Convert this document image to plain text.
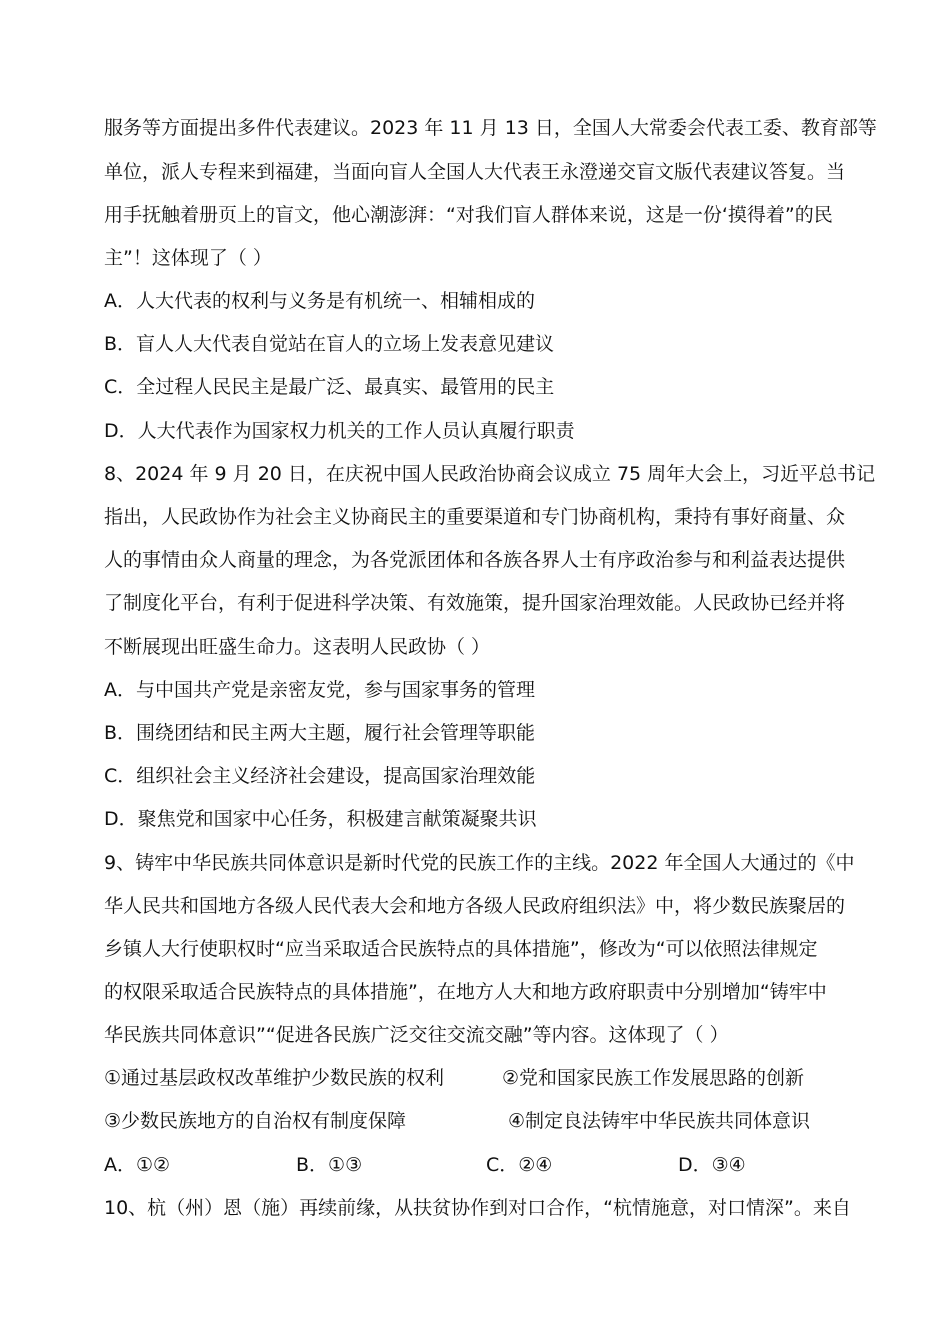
服务等方面提出多件代表建议。2023 年 11 月 13 日，全国人大常委会代表工委、教育部等
单位，派人专程来到福建，当面向盲人全国人大代表王永澄递交盲文版代表建议答复。当
用手抚触着册页上的盲文，他心潮澎湃：“对我们盲人群体来说，这是一份‘摸得着”的民
主”！这体现了（ ）
A．人大代表的权利与义务是有机统一、相辅相成的
B．盲人人大代表自觉站在盲人的立场上发表意见建议
C．全过程人民民主是最广泛、最真实、最管用的民主
D．人大代表作为国家权力机关的工作人员认真履行职责
8、2024 年 9 月 20 日，在庆祝中国人民政治协商会议成立 75 周年大会上，习近平总书记
指出，人民政协作为社会主义协商民主的重要渠道和专门协商机构，秉持有事好商量、众
人的事情由众人商量的理念，为各党派团体和各族各界人士有序政治参与和利益表达提供
了制度化平台，有利于促进科学决策、有效施策，提升国家治理效能。人民政协已经并将
不断展现出旺盛生命力。这表明人民政协（ ）
A．与中国共产党是亲密友党，参与国家事务的管理
B．围绕团结和民主两大主题，履行社会管理等职能
C．组织社会主义经济社会建设，提高国家治理效能
D．聚焦党和国家中心任务，积极建言献策凝聚共识
9、铸牢中华民族共同体意识是新时代党的民族工作的主线。2022 年全国人大通过的《中
华人民共和国地方各级人民代表大会和地方各级人民政府组织法》中，将少数民族聚居的
乡镇人大行使职权时“应当采取适合民族特点的具体措施”，修改为“可以依照法律规定
的权限采取适合民族特点的具体措施”，在地方人大和地方政府职责中分别增加“铸牢中
华民族共同体意识”“促进各民族广泛交往交流交融”等内容。这体现了（ ）
①通过基层政权改革维护少数民族的权利	②党和国家民族工作发展思路的创新
③少数民族地方的自治权有制度保障	④制定良法铸牢中华民族共同体意识
A．①②	B．①③	C．②④	D．③④
10、杭（州）恩（施）再续前缘，从扶贫协作到对口合作，“杭情施意，对口情深”。来自
